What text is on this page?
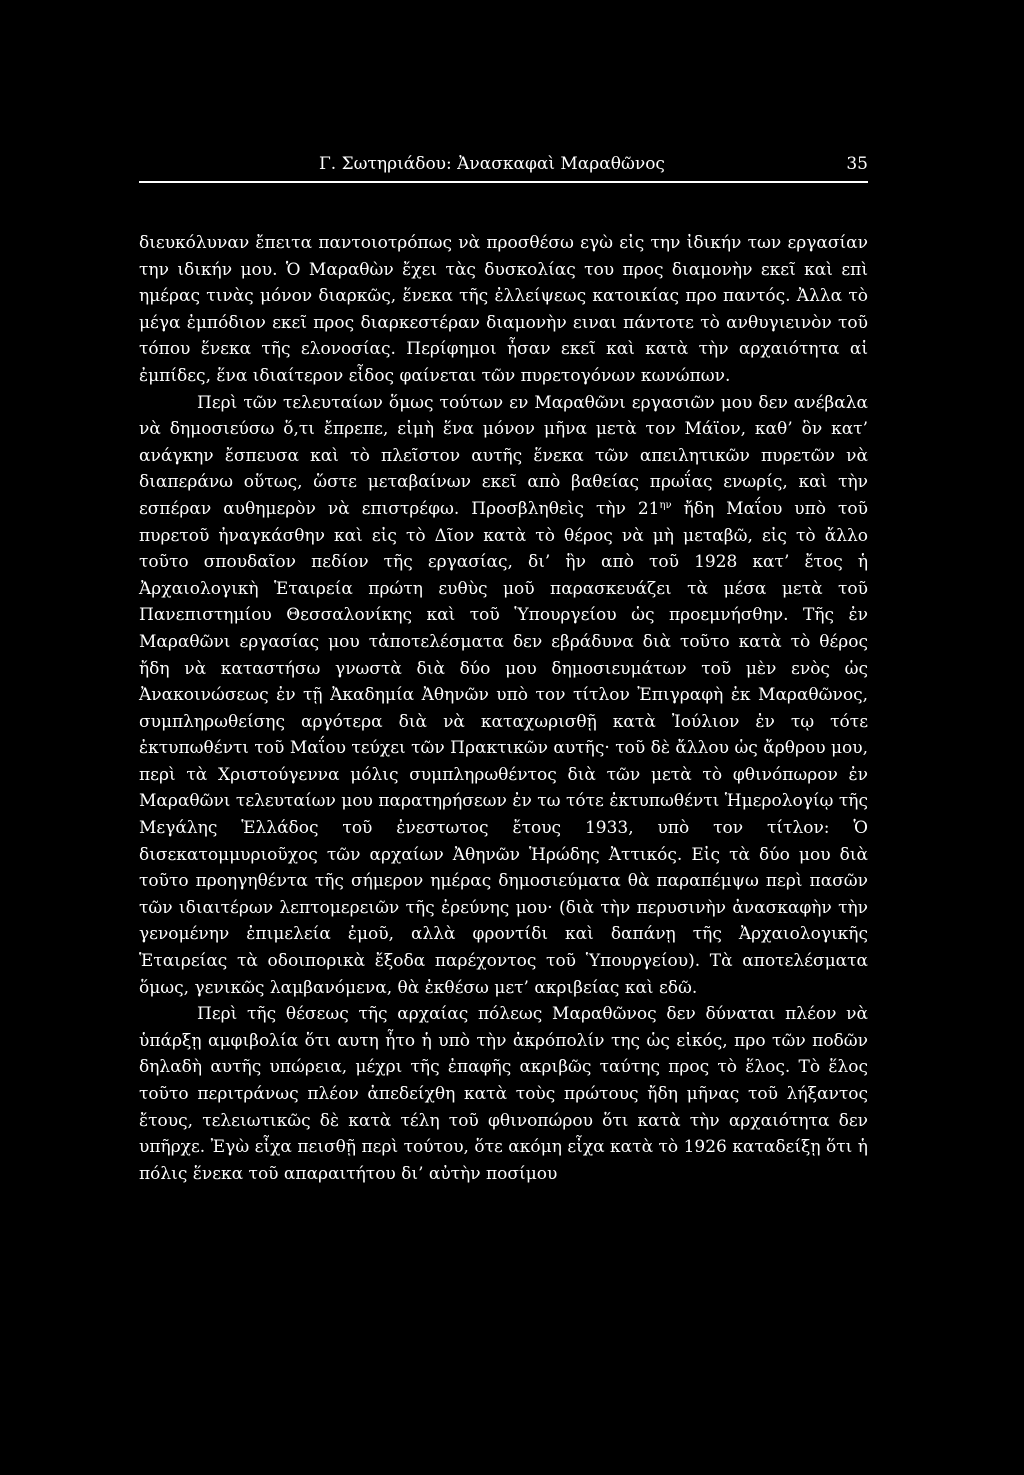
Γ. Σωτηριάδου: Ἀνασκαφαὶ Μαραθῶνος	35

διευκόλυναν ἔπειτα παντοιοτρόπως νὰ προσθέσω εγὼ εἰς την ἰδικήν των εργασίαν την ιδικήν μου. Ὁ Μαραθὼν ἔχει τὰς δυσκολίας του προς διαμονὴν εκεῖ καὶ επὶ ημέρας τινὰς μόνον διαρκῶς, ἕνεκα τῆς ἐλλείψεως κατοικίας προ παντός. Ἀλλα τὸ μέγα ἐμπόδιον εκεῖ προς διαρκεστέραν διαμονὴν ειναι πάντοτε τὸ ανθυγιεινὸν τοῦ τόπου ἕνεκα τῆς ελονοσίας. Περίφημοι ἦσαν εκεῖ καὶ κατὰ τὴν αρχαιότητα αἱ ἐμπίδες, ἕνα ιδιαίτερον εἶδος φαίνεται τῶν πυρετογόνων κωνώπων.

Περὶ τῶν τελευταίων ὅμως τούτων εν Μαραθῶνι εργασιῶν μου δεν ανέβαλα νὰ δημοσιεύσω ὅ,τι ἔπρεπε, εἰμὴ ἕνα μόνον μῆνα μετὰ τον Μάϊον, καθ’ ὃν κατ’ ανάγκην ἔσπευσα καὶ τὸ πλεῖστον αυτῆς ἕνεκα τῶν απειλητικῶν πυρετῶν νὰ διαπεράνω οὕτως, ὥστε μεταβαίνων εκεῖ απὸ βαθείας πρωΐας ενωρίς, καὶ τὴν εσπέραν αυθημερὸν νὰ επιστρέφω. Προσβληθεὶς τὴν $21^{\eta\nu}$ ἤδη Μαΐου υπὸ τοῦ πυρετοῦ ἠναγκάσθην καὶ εἰς τὸ Δῖον κατὰ τὸ θέρος νὰ μὴ μεταβῶ, εἰς τὸ ἄλλο τοῦτο σπουδαῖον πεδίον τῆς εργασίας, δι’ ἣν απὸ τοῦ 1928 κατ’ ἔτος ἡ Ἀρχαιολογικὴ Ἑταιρεία πρώτη ευθὺς μοῦ παρασκευάζει τὰ μέσα μετὰ τοῦ Πανεπιστημίου Θεσσαλονίκης καὶ τοῦ Ὑπουργείου ὡς προεμνήσθην. Τῆς ἐν Μαραθῶνι εργασίας μου τἀποτελέσματα δεν εβράδυνα διὰ τοῦτο κατὰ τὸ θέρος ἤδη νὰ καταστήσω γνωστὰ διὰ δύο μου δημοσιευμάτων τοῦ μὲν ενὸς ὡς Ἀνακοινώσεως ἐν τῇ Ἀκαδημία Ἀθηνῶν υπὸ τον τίτλον Ἐπιγραφὴ ἐκ Μαραθῶνος, συμπληρωθείσης αργότερα διὰ νὰ καταχωρισθῇ κατὰ Ἰούλιον ἐν τῳ τότε ἐκτυπωθέντι τοῦ Μαΐου τεύχει τῶν Πρακτικῶν αυτῆς· τοῦ δὲ ἄλλου ὡς ἄρθρου μου, περὶ τὰ Χριστούγεννα μόλις συμπληρωθέντος διὰ τῶν μετὰ τὸ φθινόπωρον ἐν Μαραθῶνι τελευταίων μου παρατηρήσεων ἐν τω τότε ἐκτυπωθέντι Ἡμερολογίῳ τῆς Μεγάλης Ἑλλάδος τοῦ ἐνεστωτος ἔτους 1933, υπὸ τον τίτλον: Ὁ δισεκατομμυριοῦχος τῶν αρχαίων Ἀθηνῶν Ἡρώδης Ἀττικός. Εἰς τὰ δύο μου διὰ τοῦτο προηγηθέντα τῆς σήμερον ημέρας δημοσιεύματα θὰ παραπέμψω περὶ πασῶν τῶν ιδιαιτέρων λεπτομερειῶν τῆς ἐρεύνης μου· (διὰ τὴν περυσινὴν ἀνασκαφὴν τὴν γενομένην ἐπιμελεία ἐμοῦ, αλλὰ φροντίδι καὶ δαπάνῃ τῆς Ἀρχαιολογικῆς Ἑταιρείας τὰ οδοιπορικὰ ἔξοδα παρέχοντος τοῦ Ὑπουργείου). Τὰ αποτελέσματα ὅμως, γενικῶς λαμβανόμενα, θὰ ἐκθέσω μετ’ ακριβείας καὶ εδῶ.

Περὶ τῆς θέσεως τῆς αρχαίας πόλεως Μαραθῶνος δεν δύναται πλέον νὰ ὑπάρξῃ αμφιβολία ὅτι αυτη ἦτο ἡ υπὸ τὴν ἀκρόπολίν της ὡς εἰκός, προ τῶν ποδῶν δηλαδὴ αυτῆς υπώρεια, μέχρι τῆς ἐπαφῆς ακριβῶς ταύτης προς τὸ ἕλος. Τὸ ἕλος τοῦτο περιτράνως πλέον ἀπεδείχθη κατὰ τοὺς πρώτους ἤδη μῆνας τοῦ λήξαντος ἔτους, τελειωτικῶς δὲ κατὰ τέλη τοῦ φθινοπώρου ὅτι κατὰ τὴν αρχαιότητα δεν υπῆρχε. Ἐγὼ εἶχα πεισθῇ περὶ τούτου, ὅτε ακόμη εἶχα κατὰ τὸ 1926 καταδείξῃ ὅτι ἡ πόλις ἕνεκα τοῦ απαραιτήτου δι’ αὐτὴν ποσίμου
